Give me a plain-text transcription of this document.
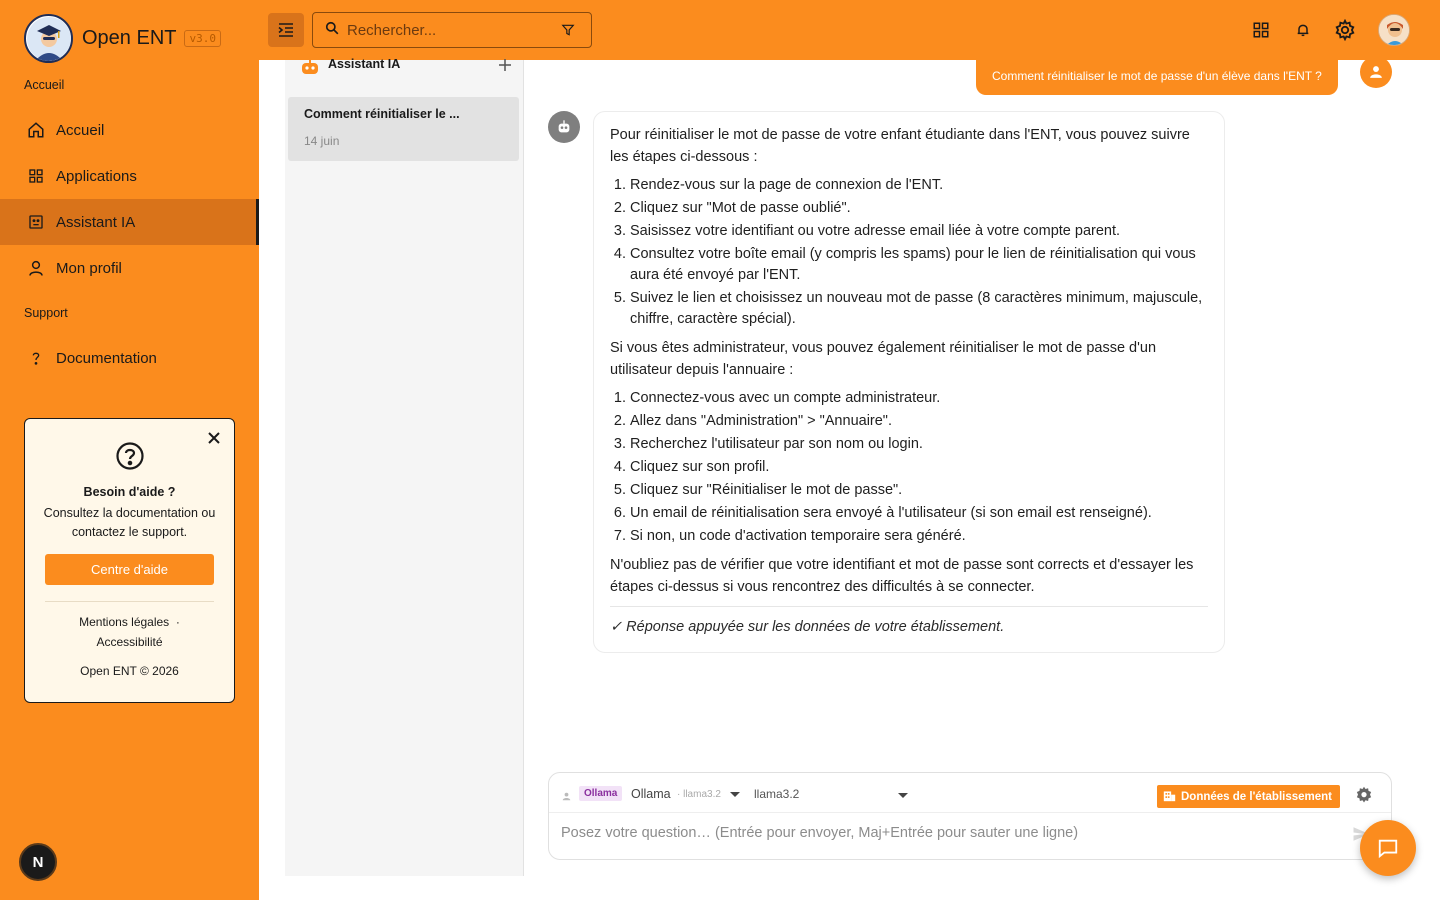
Open ENT	v3.0
Accueil
Accueil
Applications
Assistant IA
Mon profil
Support
Documentation
Besoin d'aide ?
Consultez la documentation ou contactez le support.
Centre d'aide
Mentions légales ·
Accessibilité
Open ENT © 2026
N
Rechercher...
Assistant IA
Comment réinitialiser le ...
14 juin
Comment réinitialiser le mot de passe d'un élève dans l'ENT ?

Pour réinitialiser le mot de passe de votre enfant étudiante dans l'ENT, vous pouvez suivre les étapes ci-dessous :

1. Rendez-vous sur la page de connexion de l'ENT.
2. Cliquez sur "Mot de passe oublié".
3. Saisissez votre identifiant ou votre adresse email liée à votre compte parent.
4. Consultez votre boîte email (y compris les spams) pour le lien de réinitialisation qui vous aura été envoyé par l'ENT.
5. Suivez le lien et choisissez un nouveau mot de passe (8 caractères minimum, majuscule, chiffre, caractère spécial).

Si vous êtes administrateur, vous pouvez également réinitialiser le mot de passe d'un utilisateur depuis l'annuaire :

1. Connectez-vous avec un compte administrateur.
2. Allez dans "Administration" > "Annuaire".
3. Recherchez l'utilisateur par son nom ou login.
4. Cliquez sur son profil.
5. Cliquez sur "Réinitialiser le mot de passe".
6. Un email de réinitialisation sera envoyé à l'utilisateur (si son email est renseigné).
7. Si non, un code d'activation temporaire sera généré.

N'oubliez pas de vérifier que votre identifiant et mot de passe sont corrects et d'essayer les étapes ci-dessus si vous rencontrez des difficultés à se connecter.

✓ Réponse appuyée sur les données de votre établissement.
Ollama	Ollama · llama3.2	llama3.2	Données de l'établissement
Posez votre question… (Entrée pour envoyer, Maj+Entrée pour sauter une ligne)
